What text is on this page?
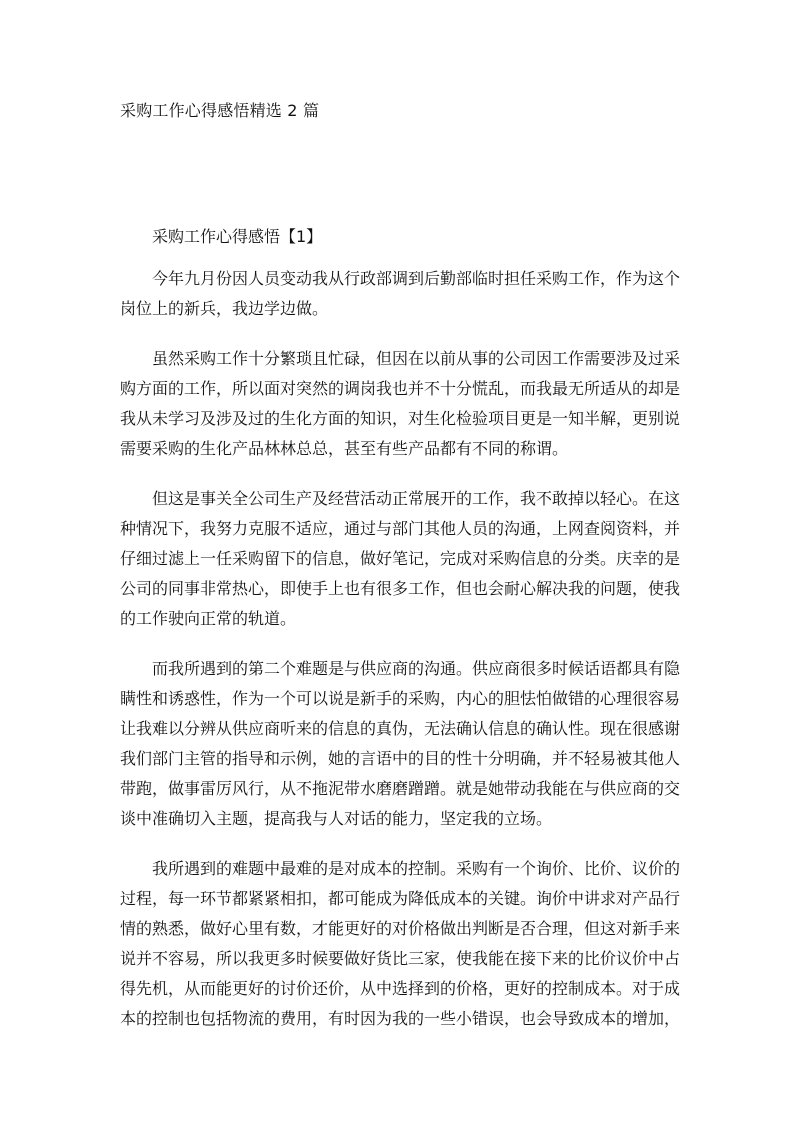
采购工作心得感悟精选 2 篇
采购工作心得感悟【1】
今年九月份因人员变动我从行政部调到后勤部临时担任采购工作，作为这个
岗位上的新兵，我边学边做。
虽然采购工作十分繁琐且忙碌，但因在以前从事的公司因工作需要涉及过采
购方面的工作，所以面对突然的调岗我也并不十分慌乱，而我最无所适从的却是
我从未学习及涉及过的生化方面的知识，对生化检验项目更是一知半解，更别说
需要采购的生化产品林林总总，甚至有些产品都有不同的称谓。
但这是事关全公司生产及经营活动正常展开的工作，我不敢掉以轻心。在这
种情况下，我努力克服不适应，通过与部门其他人员的沟通，上网查阅资料，并
仔细过滤上一任采购留下的信息，做好笔记，完成对采购信息的分类。庆幸的是
公司的同事非常热心，即使手上也有很多工作，但也会耐心解决我的问题，使我
的工作驶向正常的轨道。
而我所遇到的第二个难题是与供应商的沟通。供应商很多时候话语都具有隐
瞒性和诱惑性，作为一个可以说是新手的采购，内心的胆怯怕做错的心理很容易
让我难以分辨从供应商听来的信息的真伪，无法确认信息的确认性。现在很感谢
我们部门主管的指导和示例，她的言语中的目的性十分明确，并不轻易被其他人
带跑，做事雷厉风行，从不拖泥带水磨磨蹭蹭。就是她带动我能在与供应商的交
谈中准确切入主题，提高我与人对话的能力，坚定我的立场。
我所遇到的难题中最难的是对成本的控制。采购有一个询价、比价、议价的
过程，每一环节都紧紧相扣，都可能成为降低成本的关键。询价中讲求对产品行
情的熟悉，做好心里有数，才能更好的对价格做出判断是否合理，但这对新手来
说并不容易，所以我更多时候要做好货比三家，使我能在接下来的比价议价中占
得先机，从而能更好的讨价还价，从中选择到的价格，更好的控制成本。对于成
本的控制也包括物流的费用，有时因为我的一些小错误，也会导致成本的增加，
